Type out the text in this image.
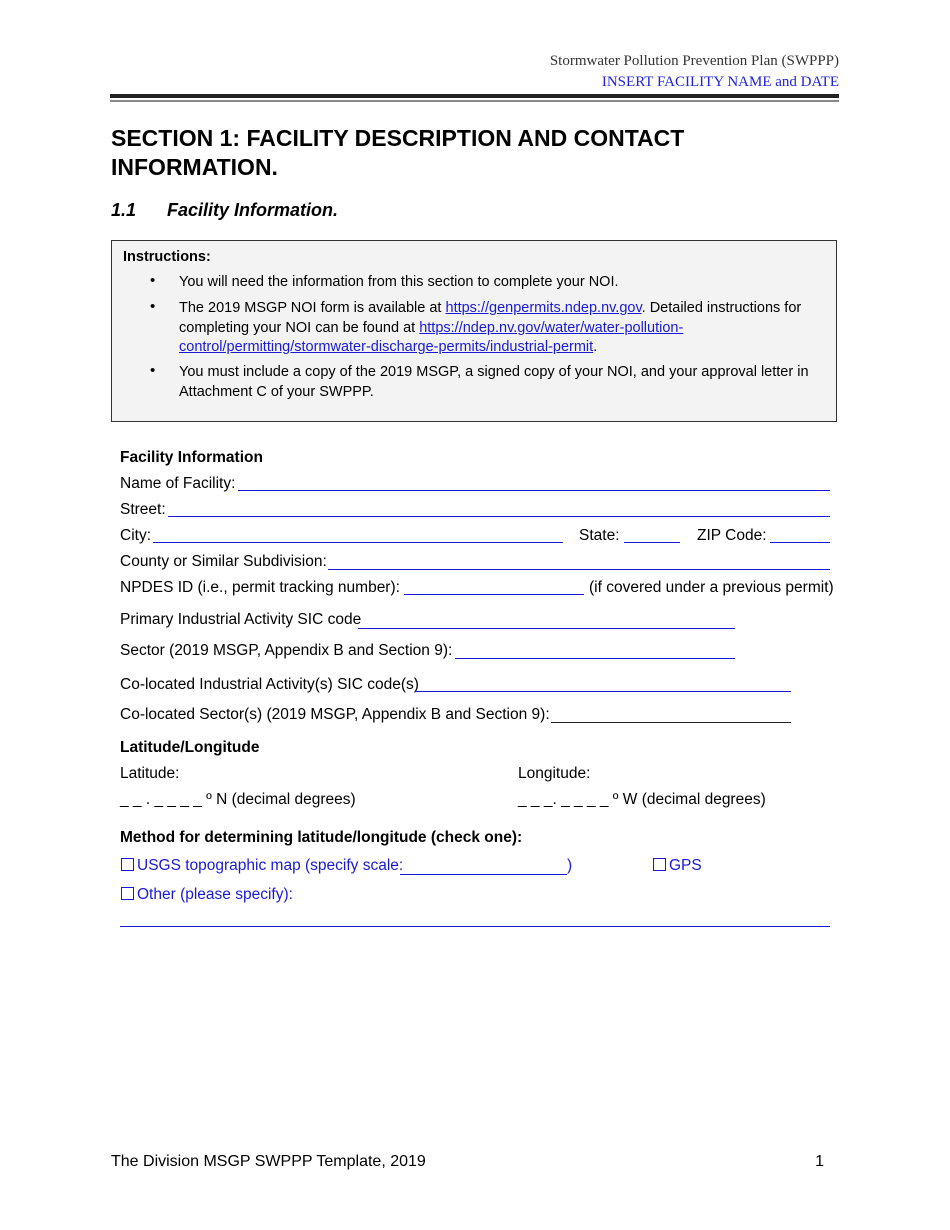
Stormwater Pollution Prevention Plan (SWPPP)
INSERT FACILITY NAME and DATE
SECTION 1: FACILITY DESCRIPTION AND CONTACT INFORMATION.
1.1 Facility Information.
Instructions:
• You will need the information from this section to complete your NOI.
• The 2019 MSGP NOI form is available at https://genpermits.ndep.nv.gov. Detailed instructions for completing your NOI can be found at https://ndep.nv.gov/water/water-pollution-control/permitting/stormwater-discharge-permits/industrial-permit.
• You must include a copy of the 2019 MSGP, a signed copy of your NOI, and your approval letter in Attachment C of your SWPPP.
Facility Information
Name of Facility:
Street:
City:	State:	ZIP Code:
County or Similar Subdivision:
NPDES ID (i.e., permit tracking number):	(if covered under a previous permit)
Primary Industrial Activity SIC code
Sector (2019 MSGP, Appendix B and Section 9):
Co-located Industrial Activity(s) SIC code(s)
Co-located Sector(s) (2019 MSGP, Appendix B and Section 9):
Latitude/Longitude
Latitude:	Longitude:
_ _ . _ _ _ _ º N (decimal degrees)	_ _ _. _ _ _ _ º W (decimal degrees)
Method for determining latitude/longitude (check one):
USGS topographic map (specify scale:	)	GPS
Other (please specify):
The Division MSGP SWPPP Template, 2019	1
